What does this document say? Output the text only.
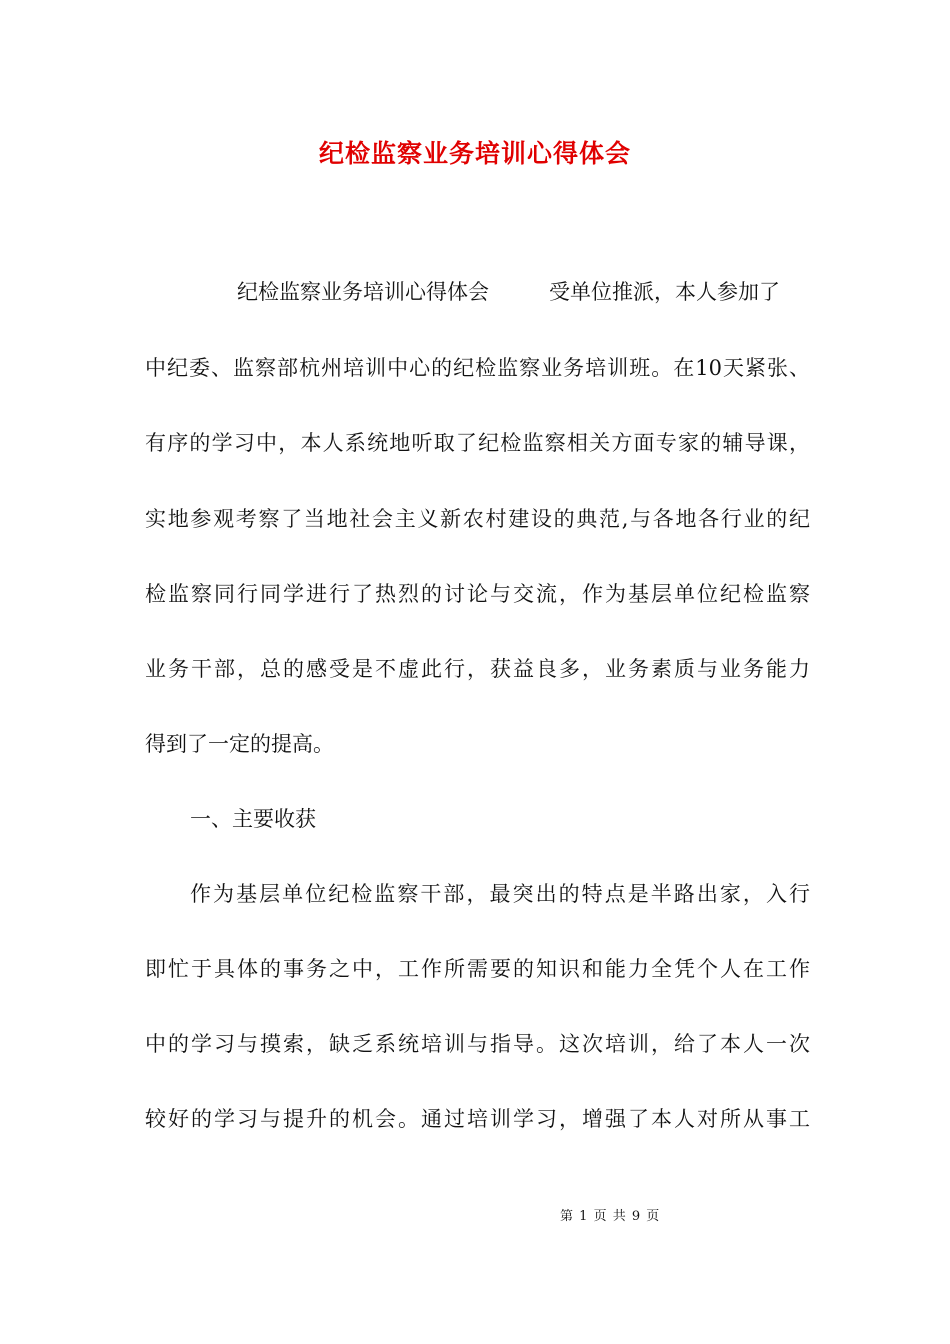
纪检监察业务培训心得体会
纪检监察业务培训心得体会	受单位推派，本人参加了
中纪委、监察部杭州培训中心的纪检监察业务培训班。在10天紧张、
有序的学习中，本人系统地听取了纪检监察相关方面专家的辅导课，
实地参观考察了当地社会主义新农村建设的典范,与各地各行业的纪
检监察同行同学进行了热烈的讨论与交流，作为基层单位纪检监察
业务干部，总的感受是不虚此行，获益良多，业务素质与业务能力
得到了一定的提高。
一、主要收获
作为基层单位纪检监察干部，最突出的特点是半路出家，入行
即忙于具体的事务之中，工作所需要的知识和能力全凭个人在工作
中的学习与摸索，缺乏系统培训与指导。这次培训，给了本人一次
较好的学习与提升的机会。通过培训学习，增强了本人对所从事工
第 1 页 共 9 页
